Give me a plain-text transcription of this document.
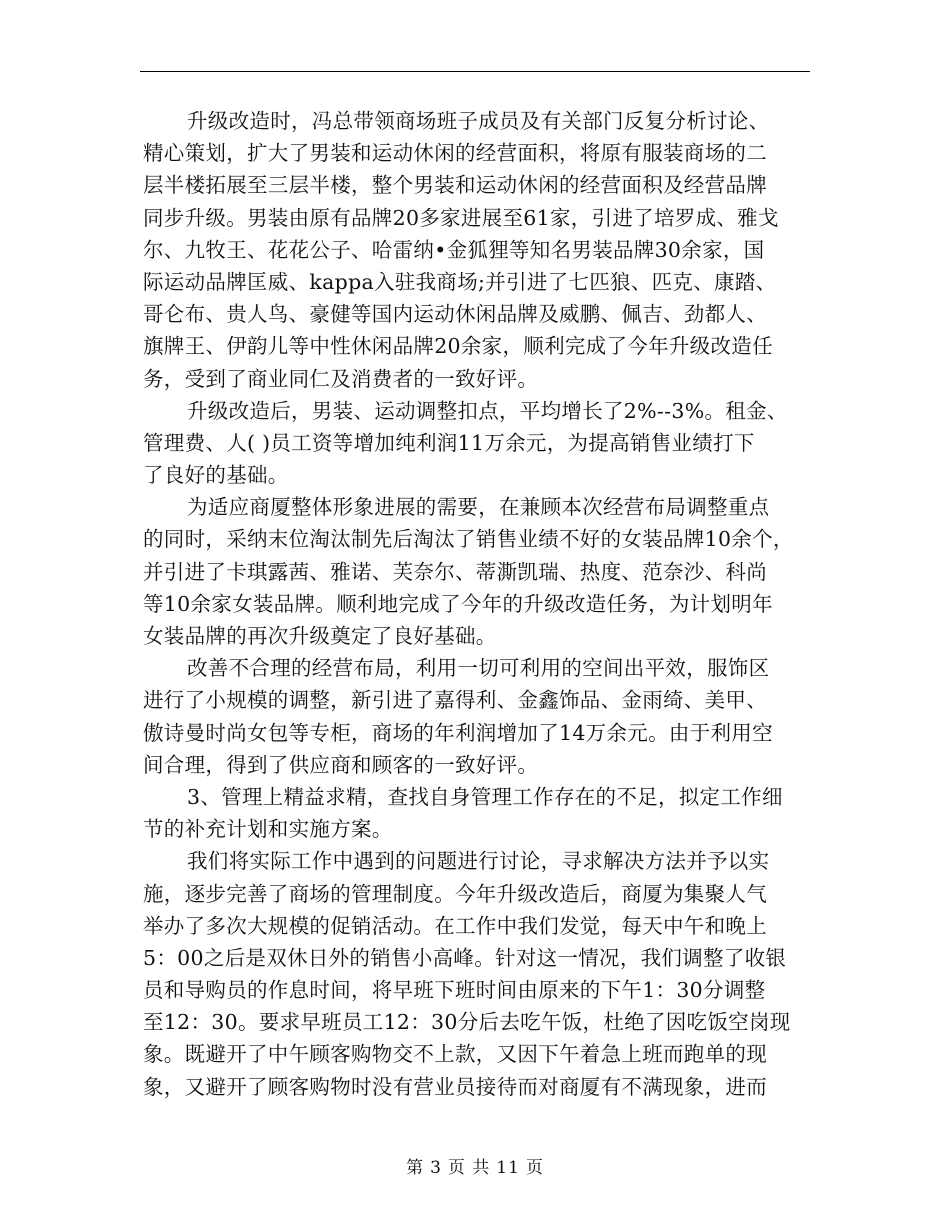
升级改造时，冯总带领商场班子成员及有关部门反复分析讨论、
精心策划，扩大了男装和运动休闲的经营面积，将原有服装商场的二
层半楼拓展至三层半楼，整个男装和运动休闲的经营面积及经营品牌
同步升级。男装由原有品牌20多家进展至61家，引进了培罗成、雅戈
尔、九牧王、花花公子、哈雷纳•金狐狸等知名男装品牌30余家，国
际运动品牌匡威、kappa入驻我商场;并引进了七匹狼、匹克、康踏、
哥仑布、贵人鸟、豪健等国内运动休闲品牌及威鹏、佩吉、劲都人、
旗牌王、伊韵儿等中性休闲品牌20余家，顺利完成了今年升级改造任
务，受到了商业同仁及消费者的一致好评。
升级改造后，男装、运动调整扣点，平均增长了2%--3%。租金、
管理费、人( )员工资等增加纯利润11万余元，为提高销售业绩打下
了良好的基础。
为适应商厦整体形象进展的需要，在兼顾本次经营布局调整重点
的同时，采纳末位淘汰制先后淘汰了销售业绩不好的女装品牌10余个，
并引进了卡琪露茜、雅诺、芙奈尔、蒂澌凯瑞、热度、范奈沙、科尚
等10余家女装品牌。顺利地完成了今年的升级改造任务，为计划明年
女装品牌的再次升级奠定了良好基础。
改善不合理的经营布局，利用一切可利用的空间出平效，服饰区
进行了小规模的调整，新引进了嘉得利、金鑫饰品、金雨绮、美甲、
傲诗曼时尚女包等专柜，商场的年利润增加了14万余元。由于利用空
间合理，得到了供应商和顾客的一致好评。
3、管理上精益求精，查找自身管理工作存在的不足，拟定工作细
节的补充计划和实施方案。
我们将实际工作中遇到的问题进行讨论，寻求解决方法并予以实
施，逐步完善了商场的管理制度。今年升级改造后，商厦为集聚人气
举办了多次大规模的促销活动。在工作中我们发觉，每天中午和晚上
5：00之后是双休日外的销售小高峰。针对这一情况，我们调整了收银
员和导购员的作息时间，将早班下班时间由原来的下午1：30分调整
至12：30。要求早班员工12：30分后去吃午饭，杜绝了因吃饭空岗现
象。既避开了中午顾客购物交不上款，又因下午着急上班而跑单的现
象，又避开了顾客购物时没有营业员接待而对商厦有不满现象，进而
第 3 页 共 11 页
